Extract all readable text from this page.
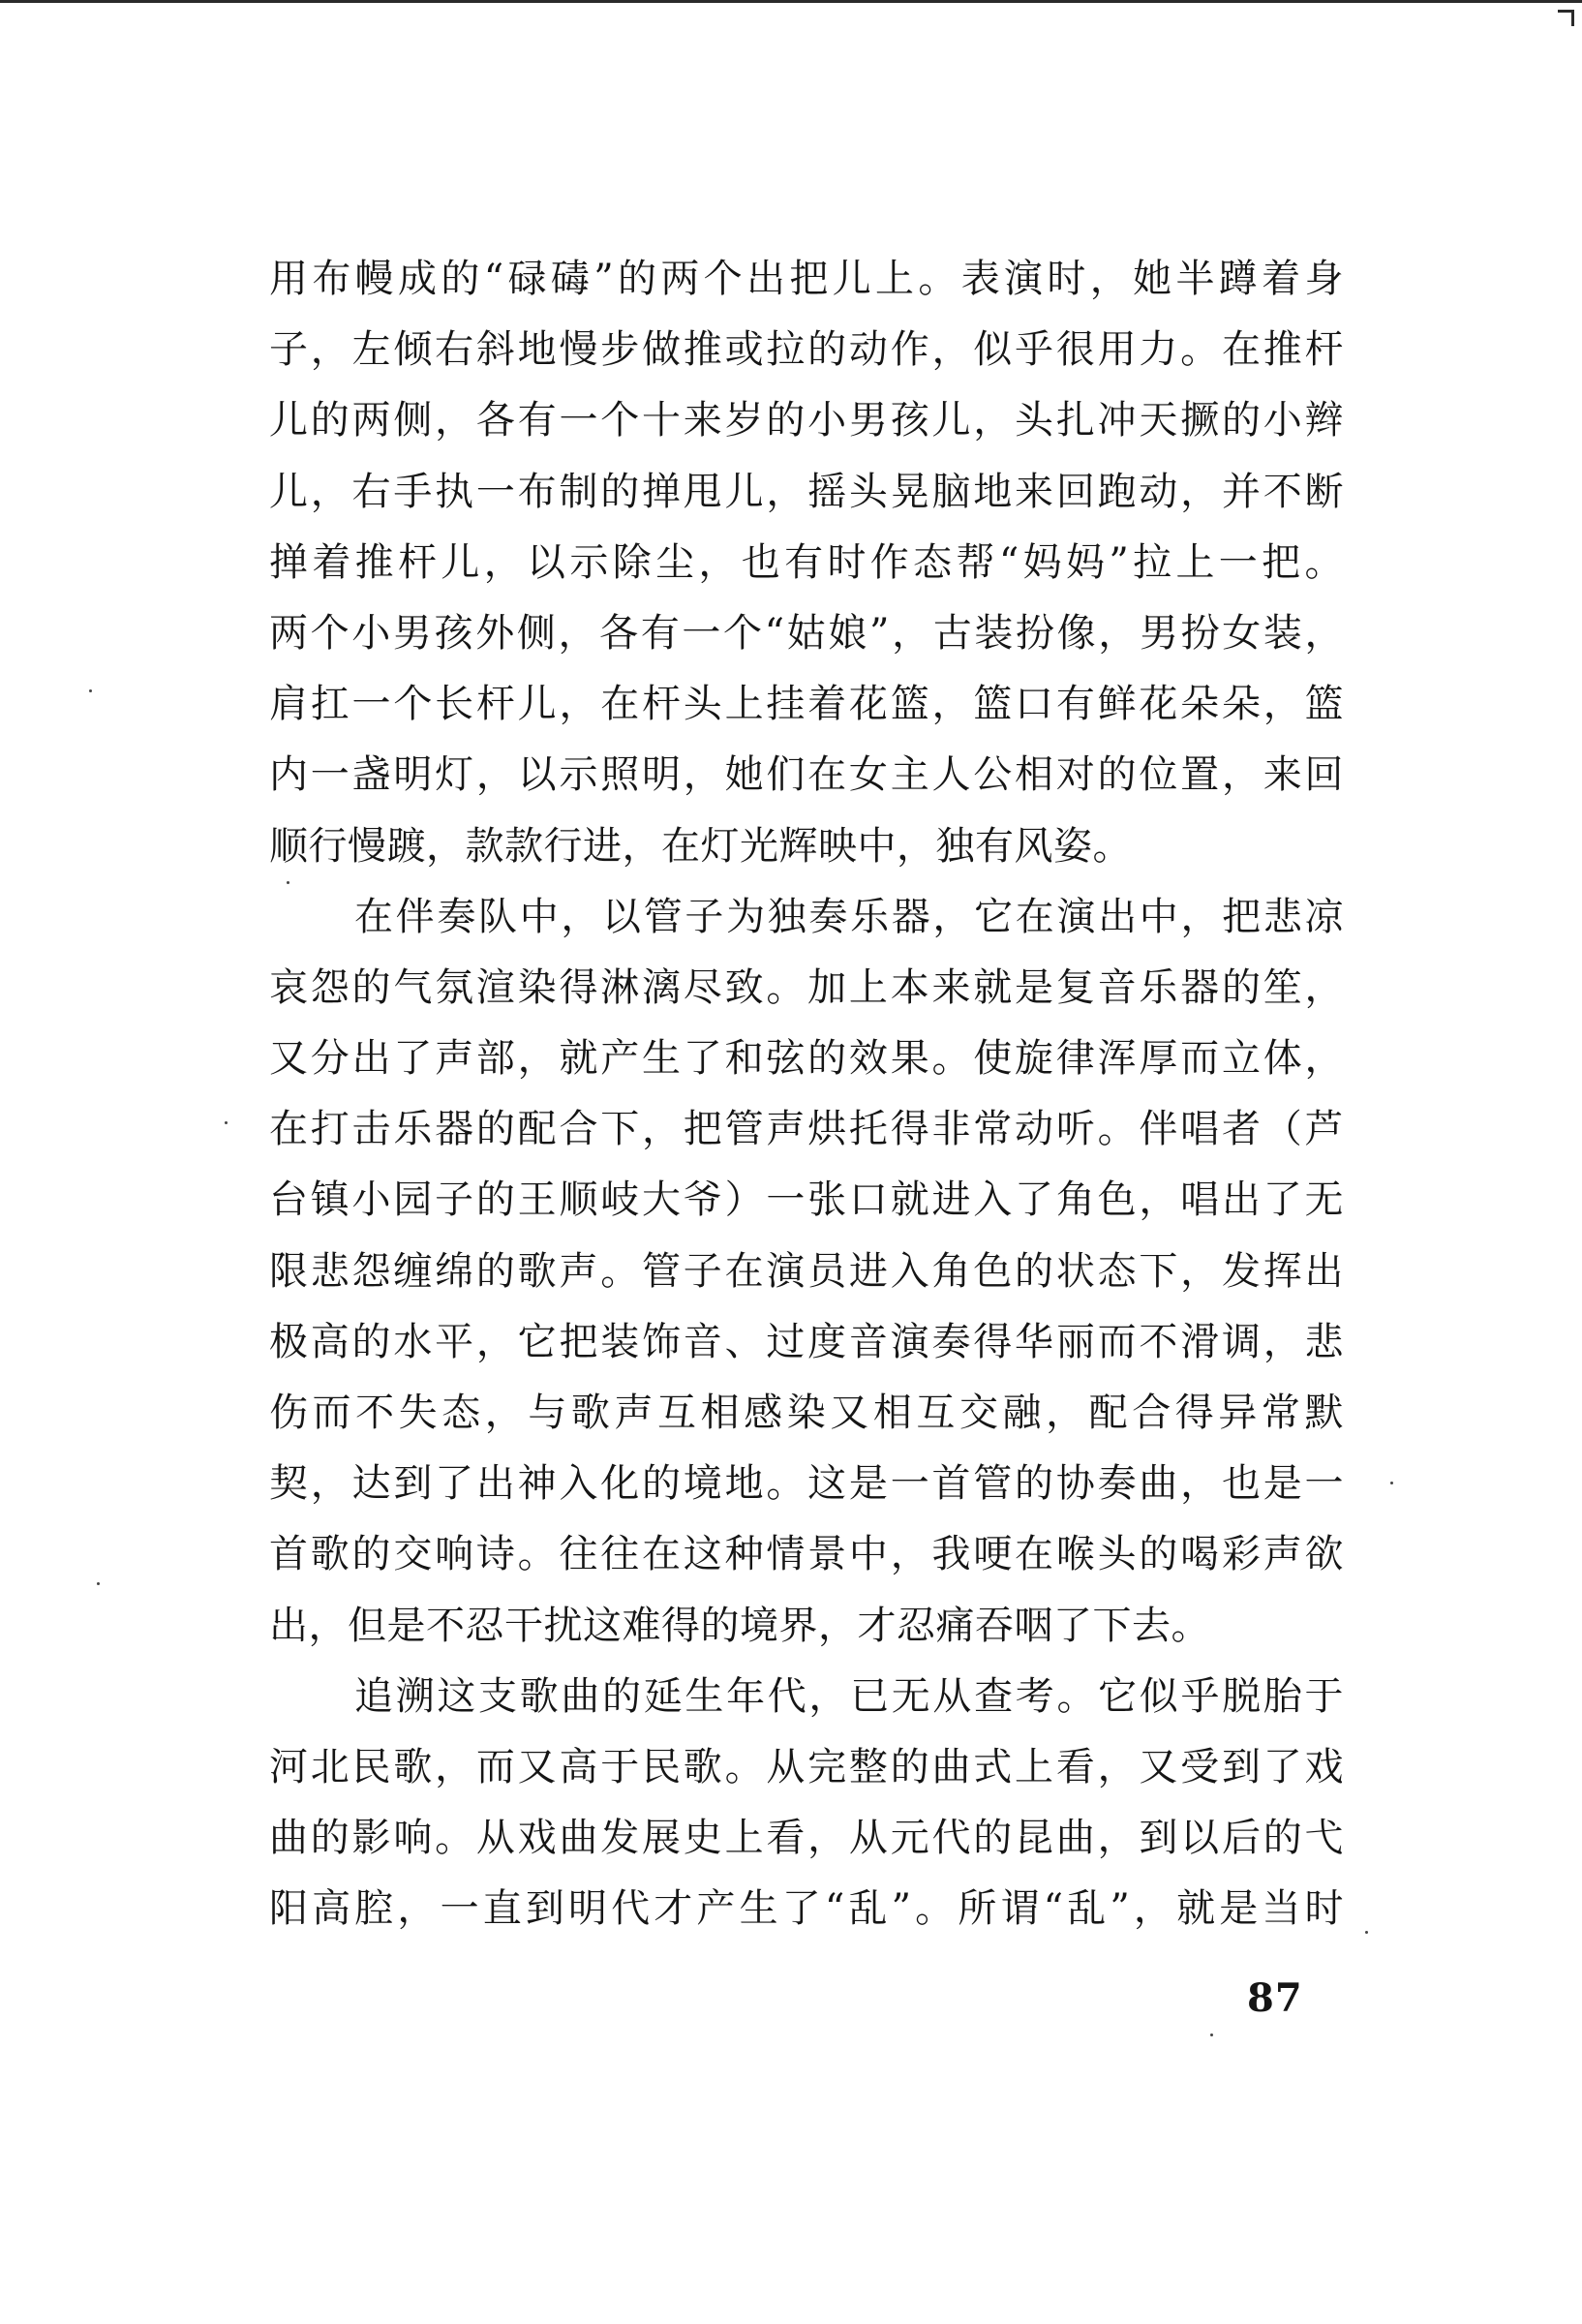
用布幔成的“碌碡”的两个出把儿上。表演时，她半蹲着身
子，左倾右斜地慢步做推或拉的动作，似乎很用力。在推杆
儿的两侧，各有一个十来岁的小男孩儿，头扎冲天撅的小辫
儿，右手执一布制的掸甩儿，摇头晃脑地来回跑动，并不断
掸着推杆儿，以示除尘，也有时作态帮“妈妈”拉上一把。
两个小男孩外侧，各有一个“姑娘”，古装扮像，男扮女装，
肩扛一个长杆儿，在杆头上挂着花篮，篮口有鲜花朵朵，篮
内一盏明灯，以示照明，她们在女主人公相对的位置，来回
顺行慢踱，款款行进，在灯光辉映中，独有风姿。
在伴奏队中，以管子为独奏乐器，它在演出中，把悲凉
哀怨的气氛渲染得淋漓尽致。加上本来就是复音乐器的笙，
又分出了声部，就产生了和弦的效果。使旋律浑厚而立体，
在打击乐器的配合下，把管声烘托得非常动听。伴唱者（芦
台镇小园子的王顺岐大爷）一张口就进入了角色，唱出了无
限悲怨缠绵的歌声。管子在演员进入角色的状态下，发挥出
极高的水平，它把装饰音、过度音演奏得华丽而不滑调，悲
伤而不失态，与歌声互相感染又相互交融，配合得异常默
契，达到了出神入化的境地。这是一首管的协奏曲，也是一
首歌的交响诗。往往在这种情景中，我哽在喉头的喝彩声欲
出，但是不忍干扰这难得的境界，才忍痛吞咽了下去。
追溯这支歌曲的延生年代，已无从查考。它似乎脱胎于
河北民歌，而又高于民歌。从完整的曲式上看，又受到了戏
曲的影响。从戏曲发展史上看，从元代的昆曲，到以后的弋
阳高腔，一直到明代才产生了“乱”。所谓“乱”，就是当时
87
